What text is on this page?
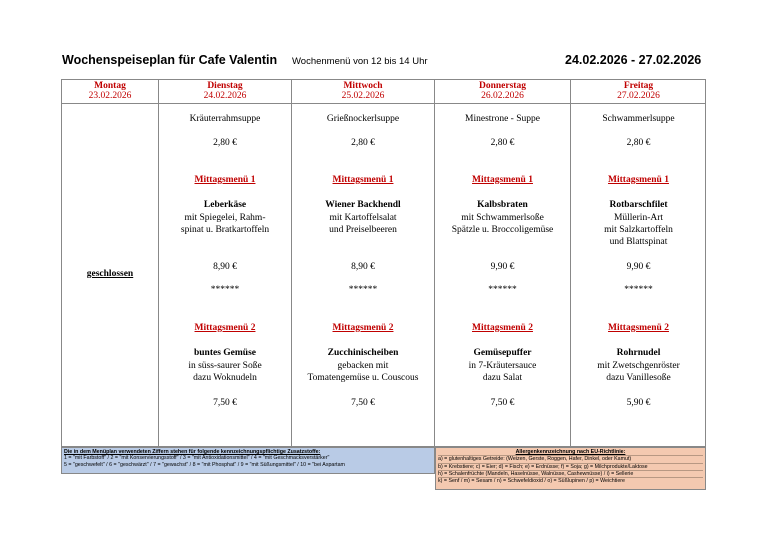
Wochenspeiseplan für Cafe Valentin Wochenmenü von 12 bis 14 Uhr	24.02.2026 - 27.02.2026
Montag
23.02.2026
geschlossen
Dienstag
24.02.2026
Kräuterrahmsuppe
2,80 €
Mittagsmenü 1
Leberkäse
mit Spiegelei, Rahm-
spinat u. Bratkartoffeln
8,90 €
******
Mittagsmenü 2
buntes Gemüse
in süss-saurer Soße
dazu Woknudeln
7,50 €
Mittwoch
25.02.2026
Grießnockerlsuppe
2,80 €
Mittagsmenü 1
Wiener Backhendl
mit Kartoffelsalat
und Preiselbeeren
8,90 €
******
Mittagsmenü 2
Zucchinischeiben
gebacken mit
Tomatengemüse u. Couscous
7,50 €
Donnerstag
26.02.2026
Minestrone - Suppe
2,80 €
Mittagsmenü 1
Kalbsbraten
mit Schwammerlsoße
Spätzle u. Broccoligemüse
9,90 €
******
Mittagsmenü 2
Gemüsepuffer
in 7-Kräutersauce
dazu Salat
7,50 €
Freitag
27.02.2026
Schwammerlsuppe
2,80 €
Mittagsmenü 1
Rotbarschfilet
Müllerin-Art
mit Salzkartoffeln
und Blattspinat
9,90 €
******
Mittagsmenü 2
Rohrnudel
mit Zwetschgenröster
dazu Vanillesoße
5,90 €
Die in dem Menüplan verwendeten Ziffern stehen für folgende kennzeichnungspflichtige Zusatzstoffe:
1 = "mit Farbstoff" / 2 = "mit Konservierungsstoff" / 3 = "mit Antioxidationsmittel" / 4 = "mit Geschmacksverstärker"
5 = "geschwefelt" / 6 = "geschwärzt" / 7 = "gewachst" / 8 = "mit Phosphat" / 9 = "mit Süßungsmittel" / 10 = "bei Aspartam
Allergenkennzeichnung nach EU-Richtlinie:
a) = glutenhaltiges Getreide: (Weizen, Gerste, Roggen, Hafer, Dinkel, oder Kamut)
b) = Krebstiere; c) = Eier; d) = Fisch; e) = Erdnüsse; f) = Soja; g) = Milchprodukte/Laktose
h) = Schalenfrüchte (Mandeln, Haselnüsse, Walnüsse, Cashewnüsse) / i) = Sellerie
k) = Senf / m) = Sesam / n) = Schwefeldioxid / o) = Süßlupinen / p) = Weichtiere
